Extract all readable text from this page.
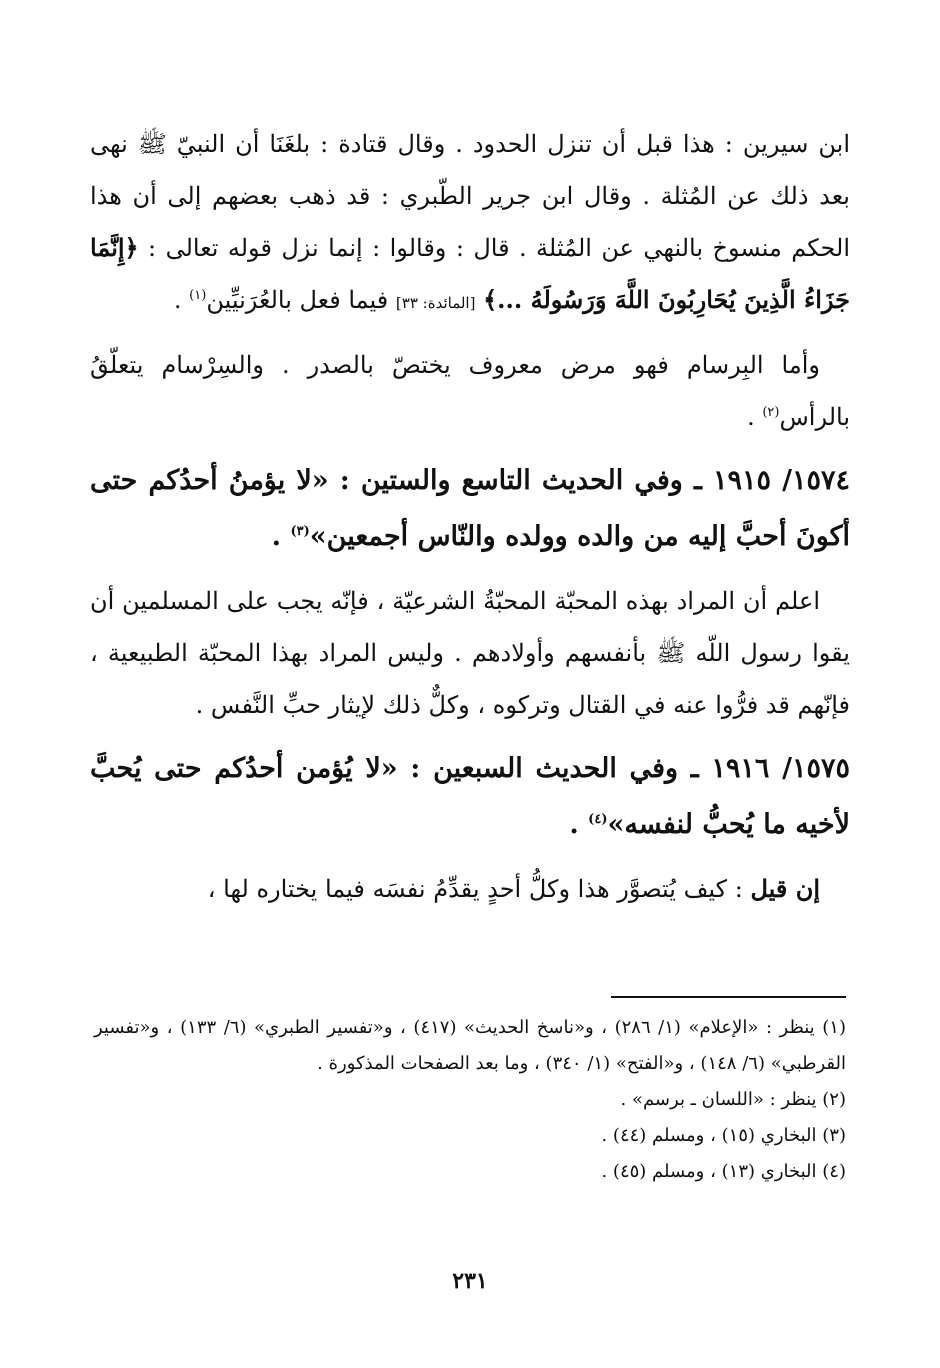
ابن سيرين : هذا قبل أن تنزل الحدود . وقال قتادة : بلغَنَا أن النبيّ ﷺ نهى بعد ذلك عن المُثلة . وقال ابن جرير الطّبري : قد ذهب بعضهم إلى أن هذا الحكم منسوخ بالنهي عن المُثلة . قال : وقالوا : إنما نزل قوله تعالى : ﴿إِنَّمَا جَزَاءُ الَّذِينَ يُحَارِبُونَ اللَّهَ وَرَسُولَهُ ...﴾ [المائدة: ٣٣] فيما فعل بالعُرَنيِّين$^{(١)}$ .

وأما البِرسام فهو مرض معروف يختصّ بالصدر . والسِرْسام يتعلّقُ بالرأس$^{(٢)}$ .

١٥٧٤/ ١٩١٥ ـ وفي الحديث التاسع والستين : «لا يؤمنُ أحدُكم حتى أكونَ أحبَّ إليه من والده وولده والنّاس أجمعين»$^{(٣)}$ .

اعلم أن المراد بهذه المحبّة المحبّةُ الشرعيّة ، فإنّه يجب على المسلمين أن يقوا رسول اللّه ﷺ بأنفسهم وأولادهم . وليس المراد بهذا المحبّة الطبيعية ، فإنّهم قد فرُّوا عنه في القتال وتركوه ، وكلٌّ ذلك لإيثار حبِّ النَّفس .

١٥٧٥/ ١٩١٦ ـ وفي الحديث السبعين : «لا يُؤمن أحدُكم حتى يُحبَّ لأخيه ما يُحبُّ لنفسه»$^{(٤)}$ .

إن قيل : كيف يُتصوَّر هذا وكلُّ أحدٍ يقدِّمُ نفسَه فيما يختاره لها ،

(١) ينظر : «الإعلام» (١/ ٢٨٦) ، و«ناسخ الحديث» (٤١٧) ، و«تفسير الطبري» (٦/ ١٣٣) ، و«تفسير القرطبي» (٦/ ١٤٨) ، و«الفتح» (١/ ٣٤٠) ، وما بعد الصفحات المذكورة .

(٢) ينظر : «اللسان ـ برسم» .

(٣) البخاري (١٥) ، ومسلم (٤٤) .

(٤) البخاري (١٣) ، ومسلم (٤٥) .

٢٣١
